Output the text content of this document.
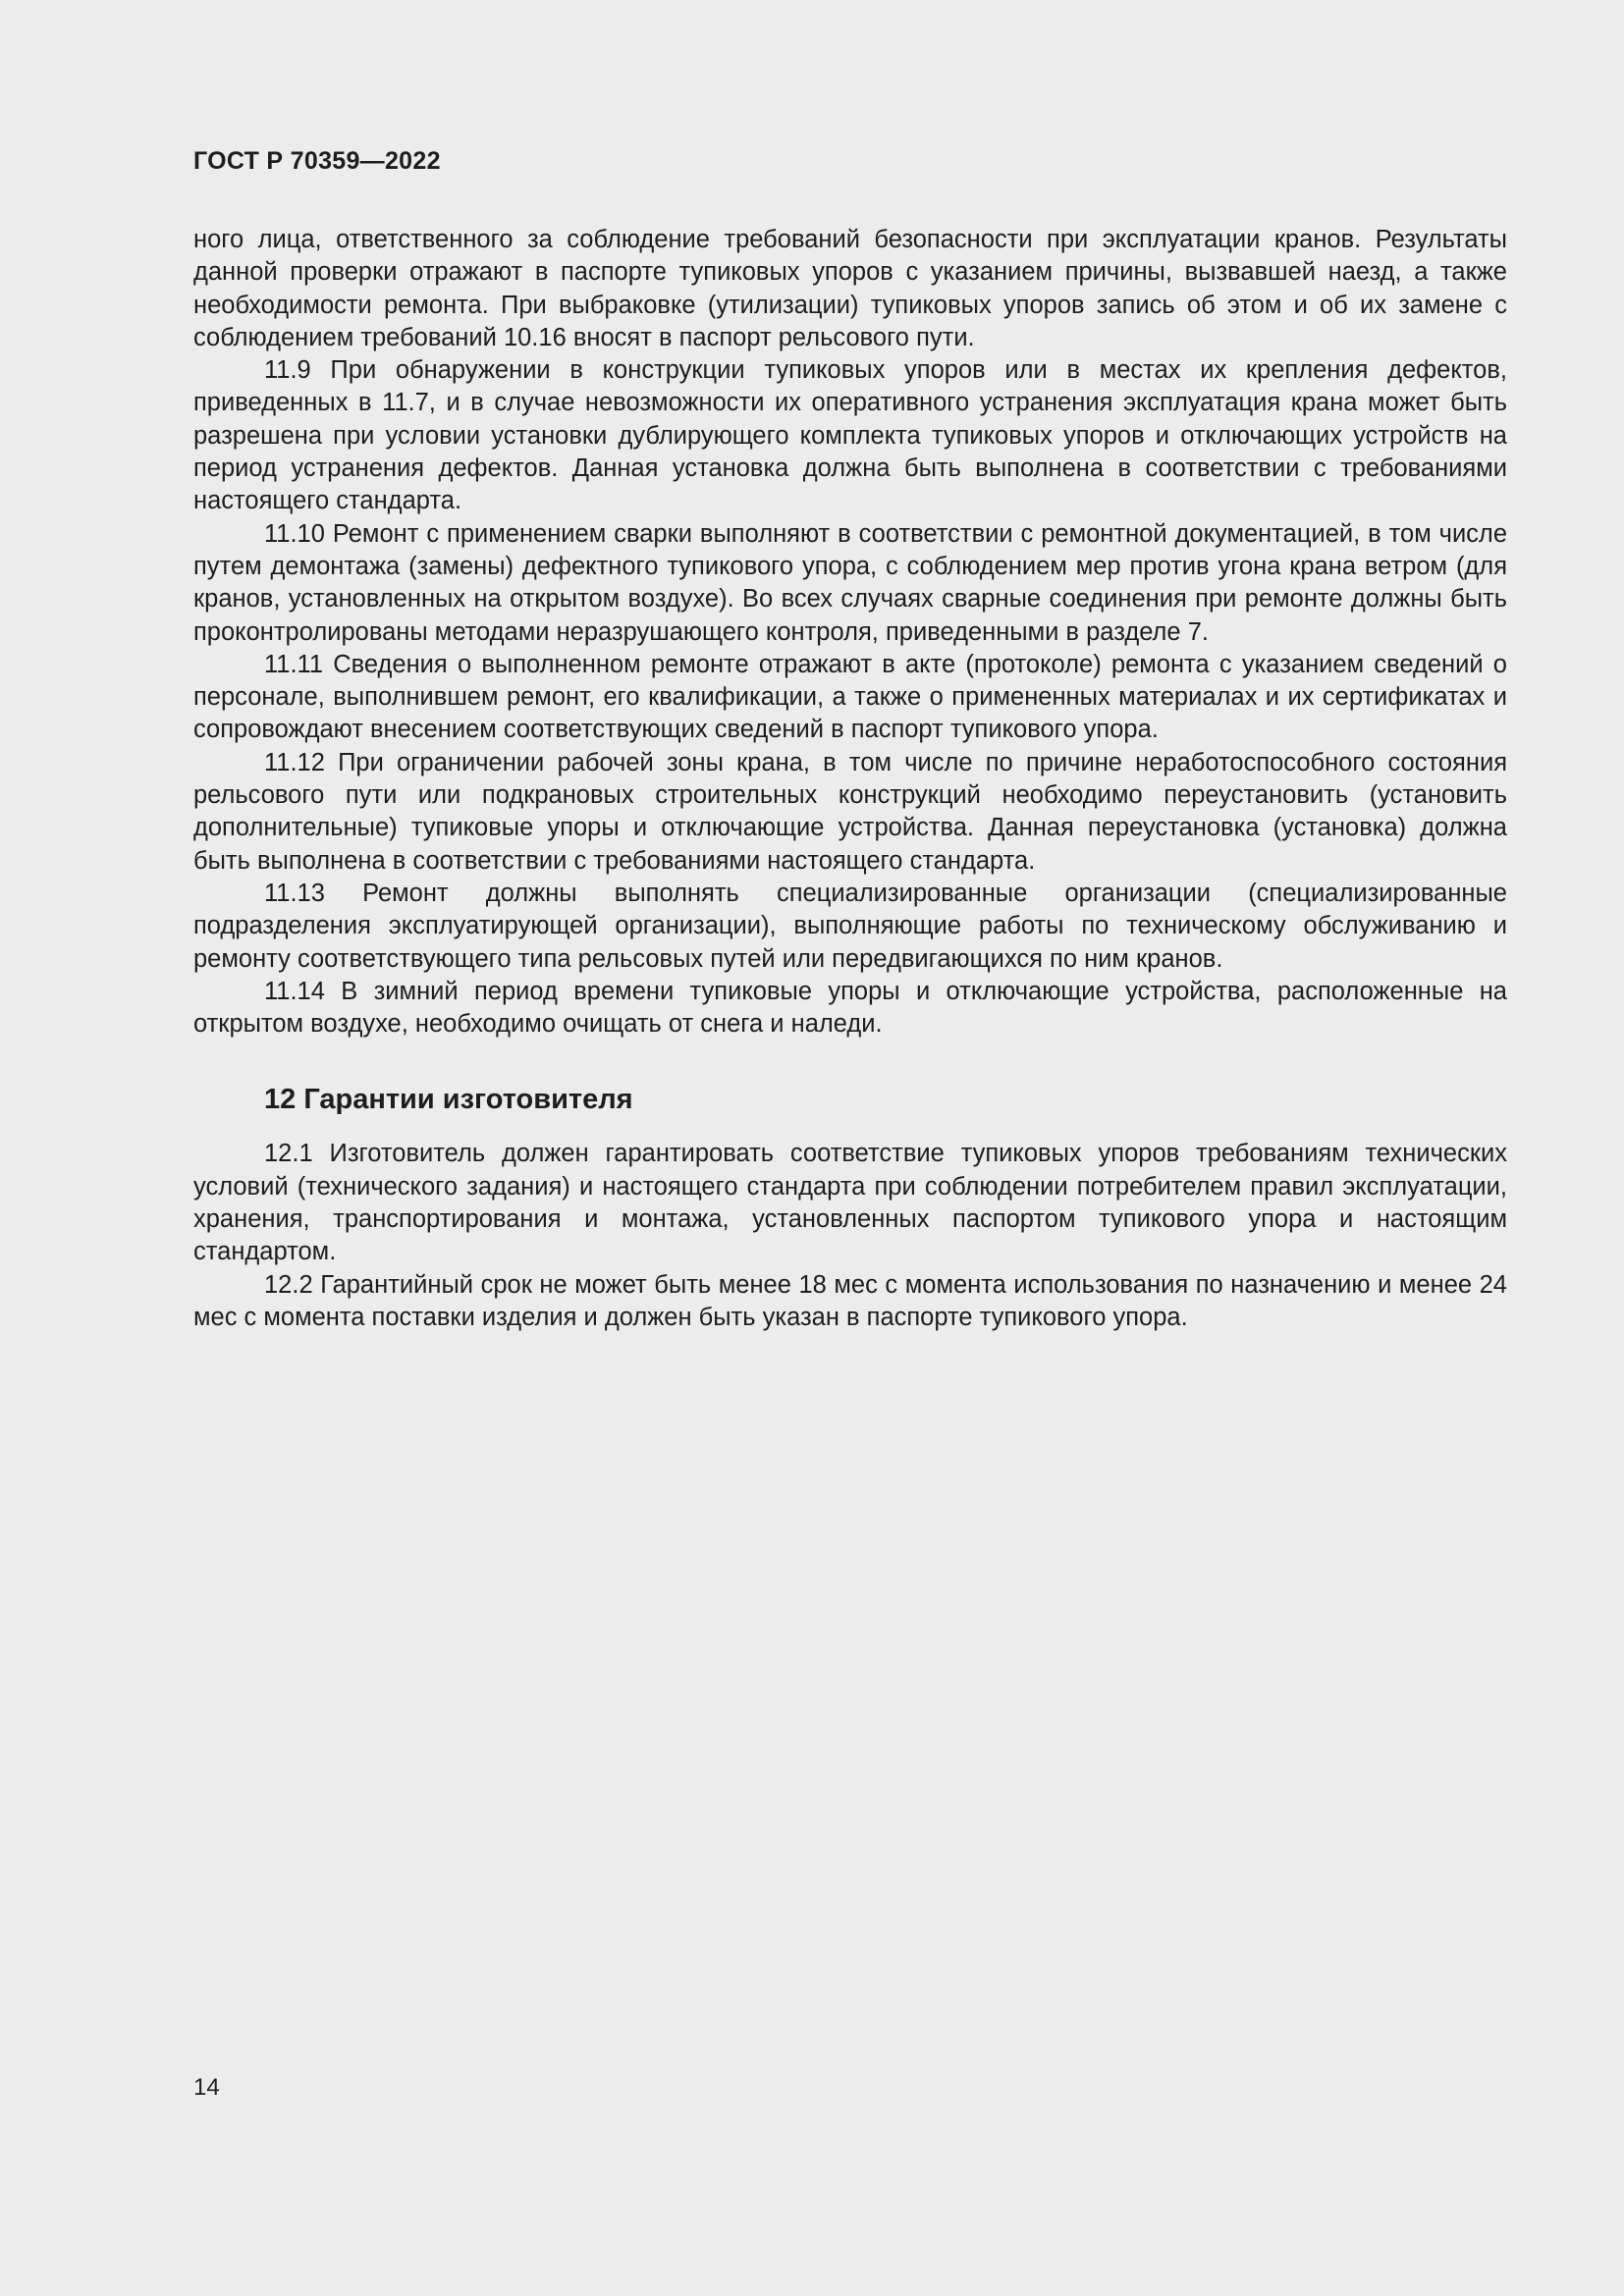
ГОСТ Р 70359—2022

ного лица, ответственного за соблюдение требований безопасности при эксплуатации кранов. Результаты данной проверки отражают в паспорте тупиковых упоров с указанием причины, вызвавшей наезд, а также необходимости ремонта. При выбраковке (утилизации) тупиковых упоров запись об этом и об их замене с соблюдением требований 10.16 вносят в паспорт рельсового пути.

11.9 При обнаружении в конструкции тупиковых упоров или в местах их крепления дефектов, приведенных в 11.7, и в случае невозможности их оперативного устранения эксплуатация крана может быть разрешена при условии установки дублирующего комплекта тупиковых упоров и отключающих устройств на период устранения дефектов. Данная установка должна быть выполнена в соответствии с требованиями настоящего стандарта.

11.10 Ремонт с применением сварки выполняют в соответствии с ремонтной документацией, в том числе путем демонтажа (замены) дефектного тупикового упора, с соблюдением мер против угона крана ветром (для кранов, установленных на открытом воздухе). Во всех случаях сварные соединения при ремонте должны быть проконтролированы методами неразрушающего контроля, приведенными в разделе 7.

11.11 Сведения о выполненном ремонте отражают в акте (протоколе) ремонта с указанием сведений о персонале, выполнившем ремонт, его квалификации, а также о примененных материалах и их сертификатах и сопровождают внесением соответствующих сведений в паспорт тупикового упора.

11.12 При ограничении рабочей зоны крана, в том числе по причине неработоспособного состояния рельсового пути или подкрановых строительных конструкций необходимо переустановить (установить дополнительные) тупиковые упоры и отключающие устройства. Данная переустановка (установка) должна быть выполнена в соответствии с требованиями настоящего стандарта.

11.13 Ремонт должны выполнять специализированные организации (специализированные подразделения эксплуатирующей организации), выполняющие работы по техническому обслуживанию и ремонту соответствующего типа рельсовых путей или передвигающихся по ним кранов.

11.14 В зимний период времени тупиковые упоры и отключающие устройства, расположенные на открытом воздухе, необходимо очищать от снега и наледи.

12 Гарантии изготовителя

12.1 Изготовитель должен гарантировать соответствие тупиковых упоров требованиям технических условий (технического задания) и настоящего стандарта при соблюдении потребителем правил эксплуатации, хранения, транспортирования и монтажа, установленных паспортом тупикового упора и настоящим стандартом.

12.2 Гарантийный срок не может быть менее 18 мес с момента использования по назначению и менее 24 мес с момента поставки изделия и должен быть указан в паспорте тупикового упора.

14
